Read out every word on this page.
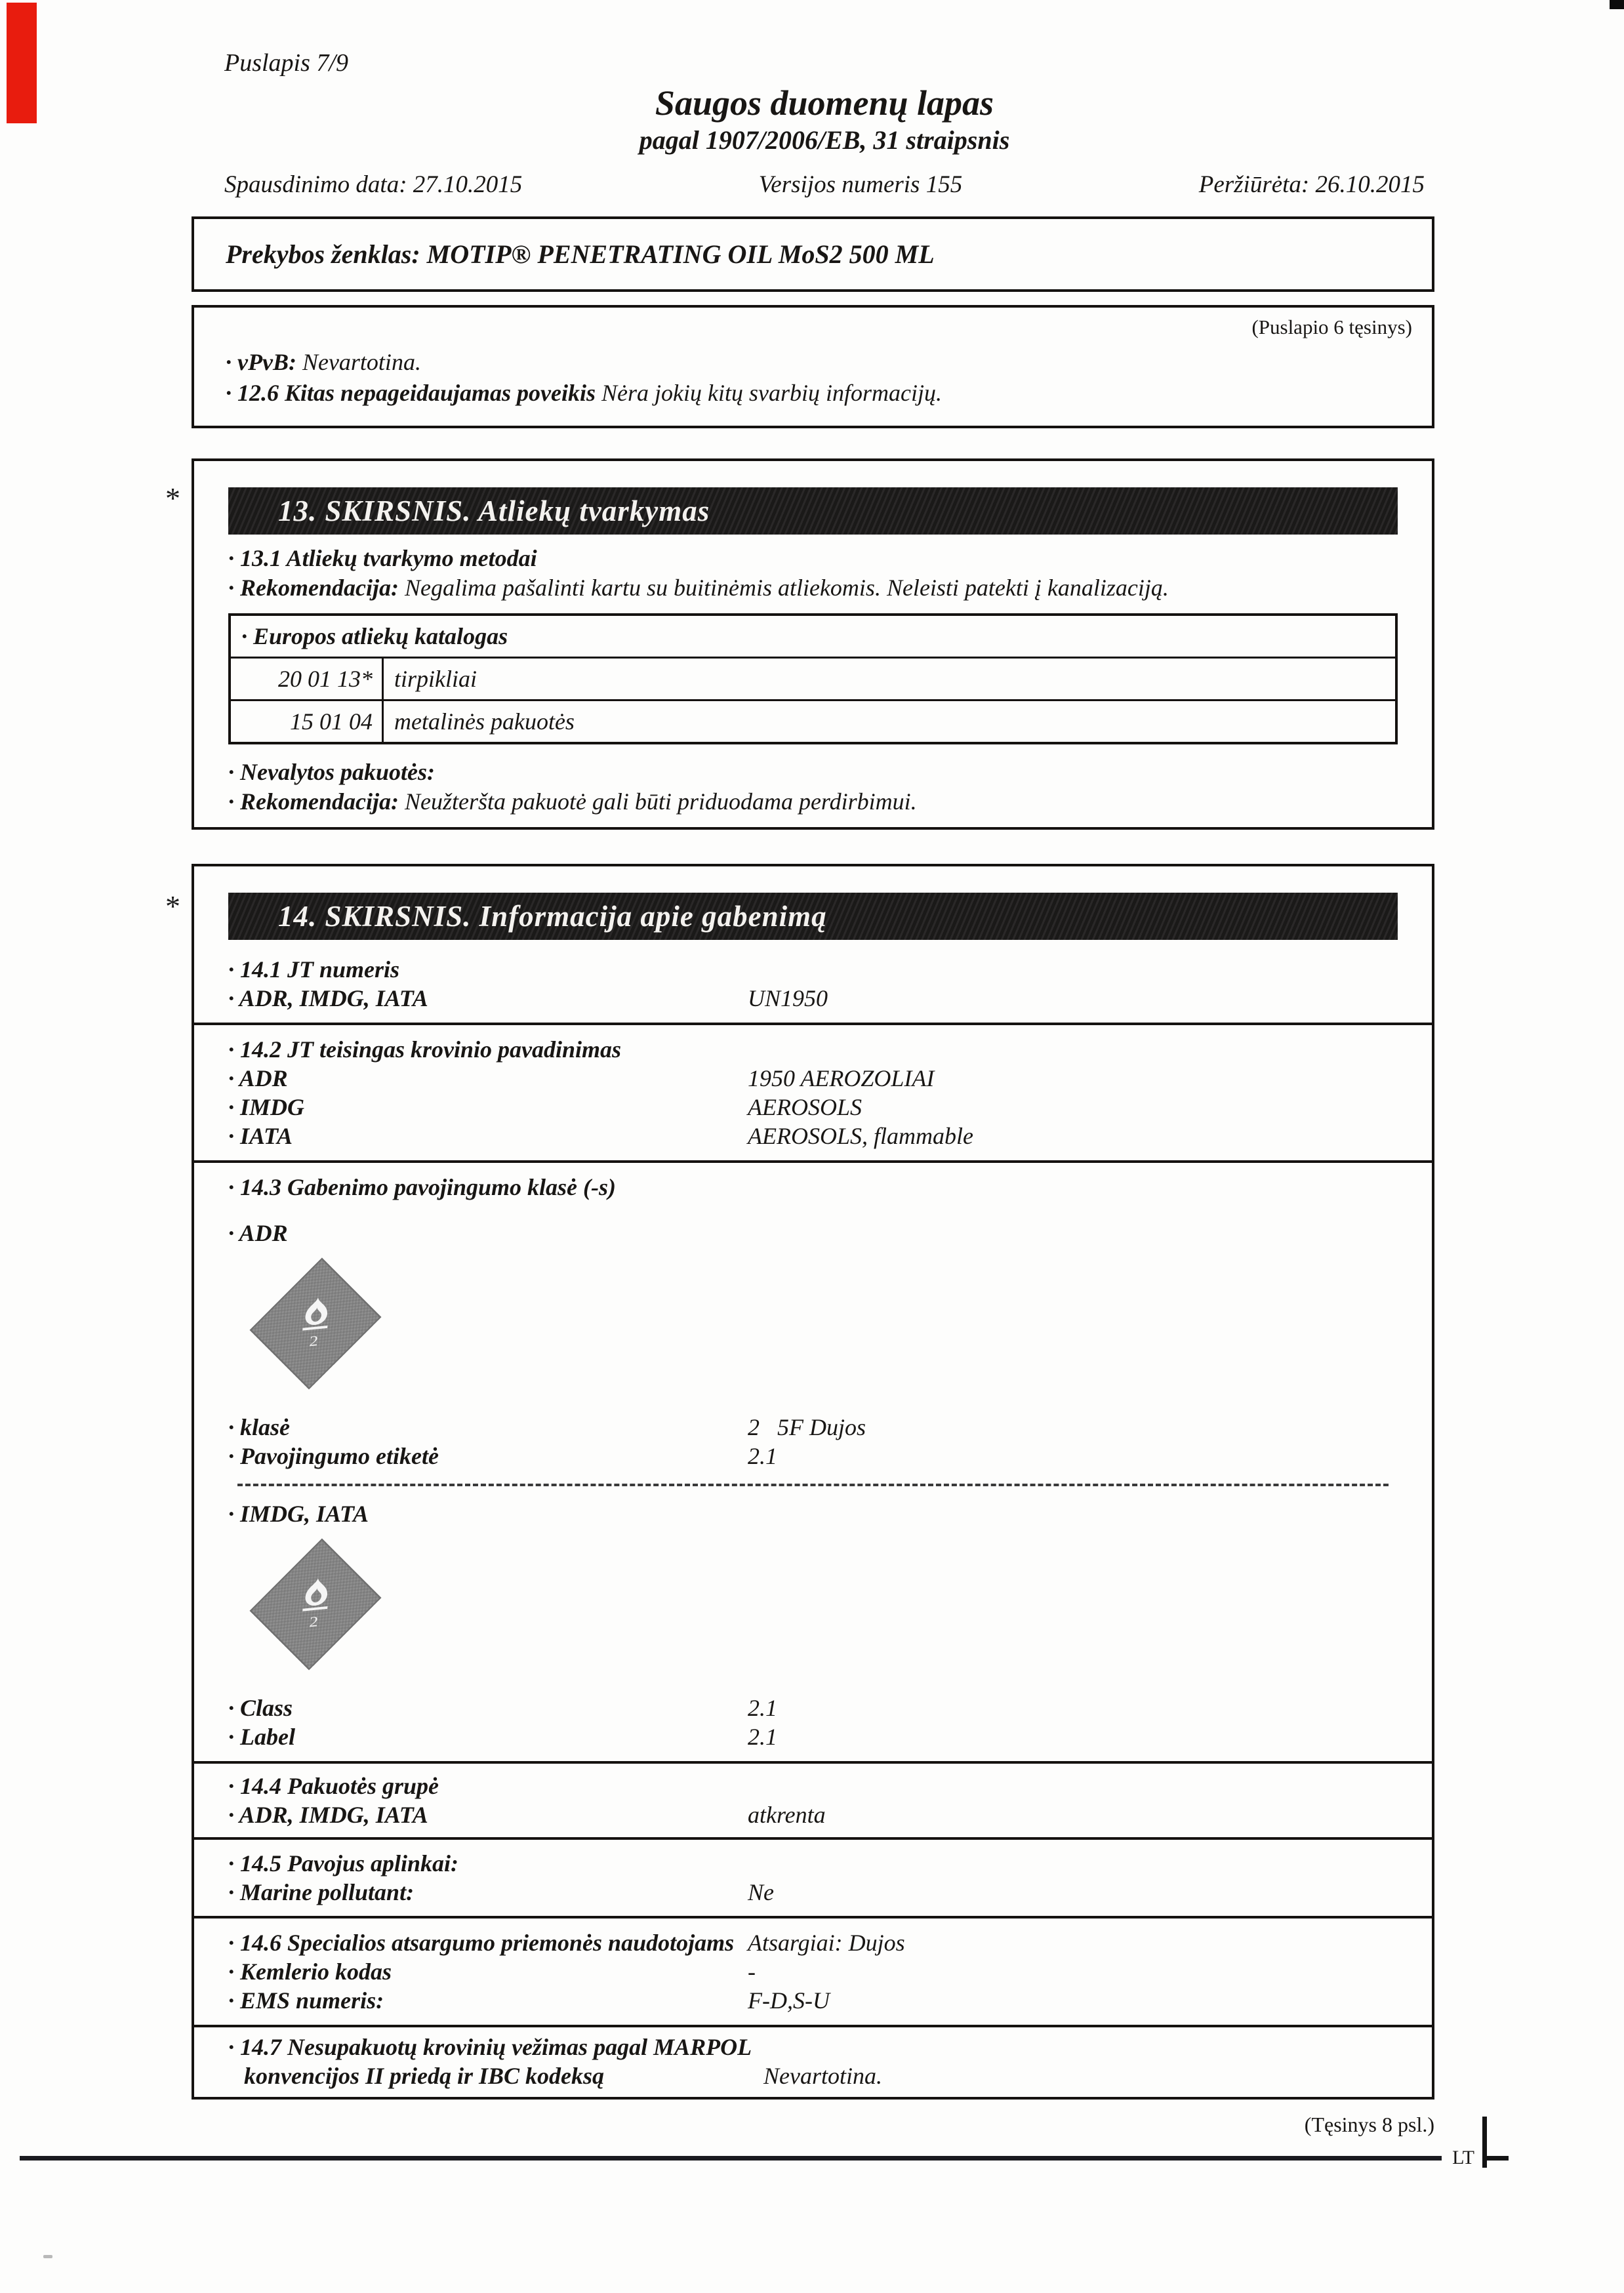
Puslapis 7/9
Saugos duomenų lapas
pagal 1907/2006/EB, 31 straipsnis
Spausdinimo data: 27.10.2015	Versijos numeris 155	Peržiūrėta: 26.10.2015
Prekybos ženklas: MOTIP® PENETRATING OIL MoS2 500 ML
(Puslapio 6 tęsinys)
· vPvB: Nevartotina.
· 12.6 Kitas nepageidaujamas poveikis Nėra jokių kitų svarbių informacijų.
*	13. SKIRSNIS. Atliekų tvarkymas
· 13.1 Atliekų tvarkymo metodai
· Rekomendacija: Negalima pašalinti kartu su buitinėmis atliekomis. Neleisti patekti į kanalizaciją.
· Europos atliekų katalogas	
20 01 13*	tirpikliai
15 01 04	metalinės pakuotės
· Nevalytos pakuotės:
· Rekomendacija: Neužteršta pakuotė gali būti priduodama perdirbimui.
*	14. SKIRSNIS. Informacija apie gabenimą
· 14.1 JT numeris
· ADR, IMDG, IATA	UN1950
· 14.2 JT teisingas krovinio pavadinimas
· ADR	1950 AEROZOLIAI
· IMDG	AEROSOLS
· IATA	AEROSOLS, flammable
· 14.3 Gabenimo pavojingumo klasė (-s)
· ADR
2
· klasė	2   5F Dujos
· Pavojingumo etiketė	2.1
· IMDG, IATA
2
· Class	2.1
· Label	2.1
· 14.4 Pakuotės grupė
· ADR, IMDG, IATA	atkrenta
· 14.5 Pavojus aplinkai:
· Marine pollutant:	Ne
· 14.6 Specialios atsargumo priemonės naudotojams Atsargiai: Dujos
· Kemlerio kodas	-
· EMS numeris:	F-D,S-U
· 14.7 Nesupakuotų krovinių vežimas pagal MARPOL
konvencijos II priedą ir IBC kodeksą	Nevartotina.
(Tęsinys 8 psl.)
LT
